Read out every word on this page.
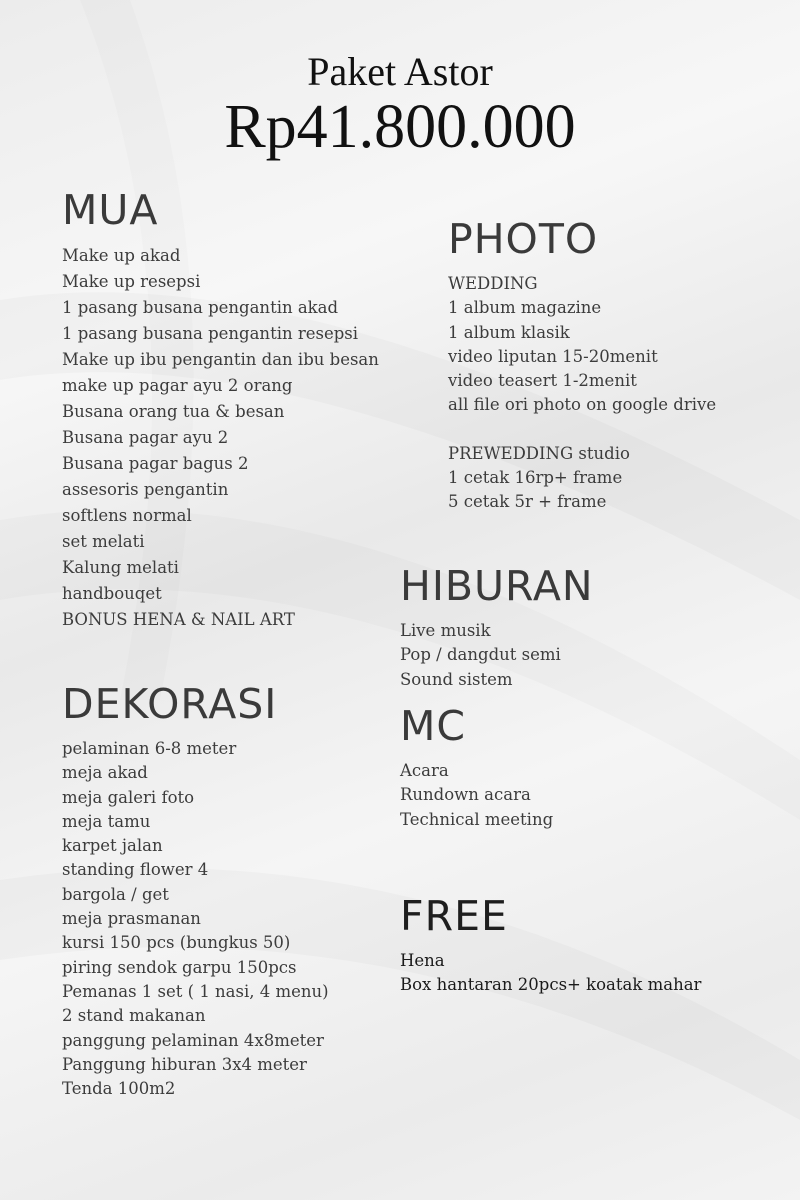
Paket Astor
Rp41.800.000
MUA
Make up akad
Make up resepsi
1 pasang busana pengantin akad
1 pasang busana pengantin resepsi
Make up ibu pengantin dan ibu besan
make up pagar ayu 2 orang
Busana orang tua & besan
Busana pagar ayu 2
Busana pagar bagus 2
assesoris pengantin
softlens normal
set melati
Kalung melati
handbouqet
BONUS HENA & NAIL ART
DEKORASI
pelaminan 6-8 meter
meja akad
meja galeri foto
meja tamu
karpet jalan
standing flower 4
bargola / get
meja prasmanan
kursi 150 pcs (bungkus 50)
piring sendok garpu 150pcs
Pemanas 1 set ( 1 nasi, 4 menu)
2 stand makanan
panggung pelaminan 4x8meter
Panggung hiburan 3x4 meter
Tenda 100m2
PHOTO
WEDDING
1 album magazine
1 album klasik
video liputan 15-20menit
video teasert 1-2menit
all file ori photo on google drive
PREWEDDING studio
1 cetak 16rp+ frame
5 cetak 5r + frame
HIBURAN
Live musik
Pop / dangdut semi
Sound sistem
MC
Acara
Rundown acara
Technical meeting
FREE
Hena
Box hantaran 20pcs+ koatak mahar
